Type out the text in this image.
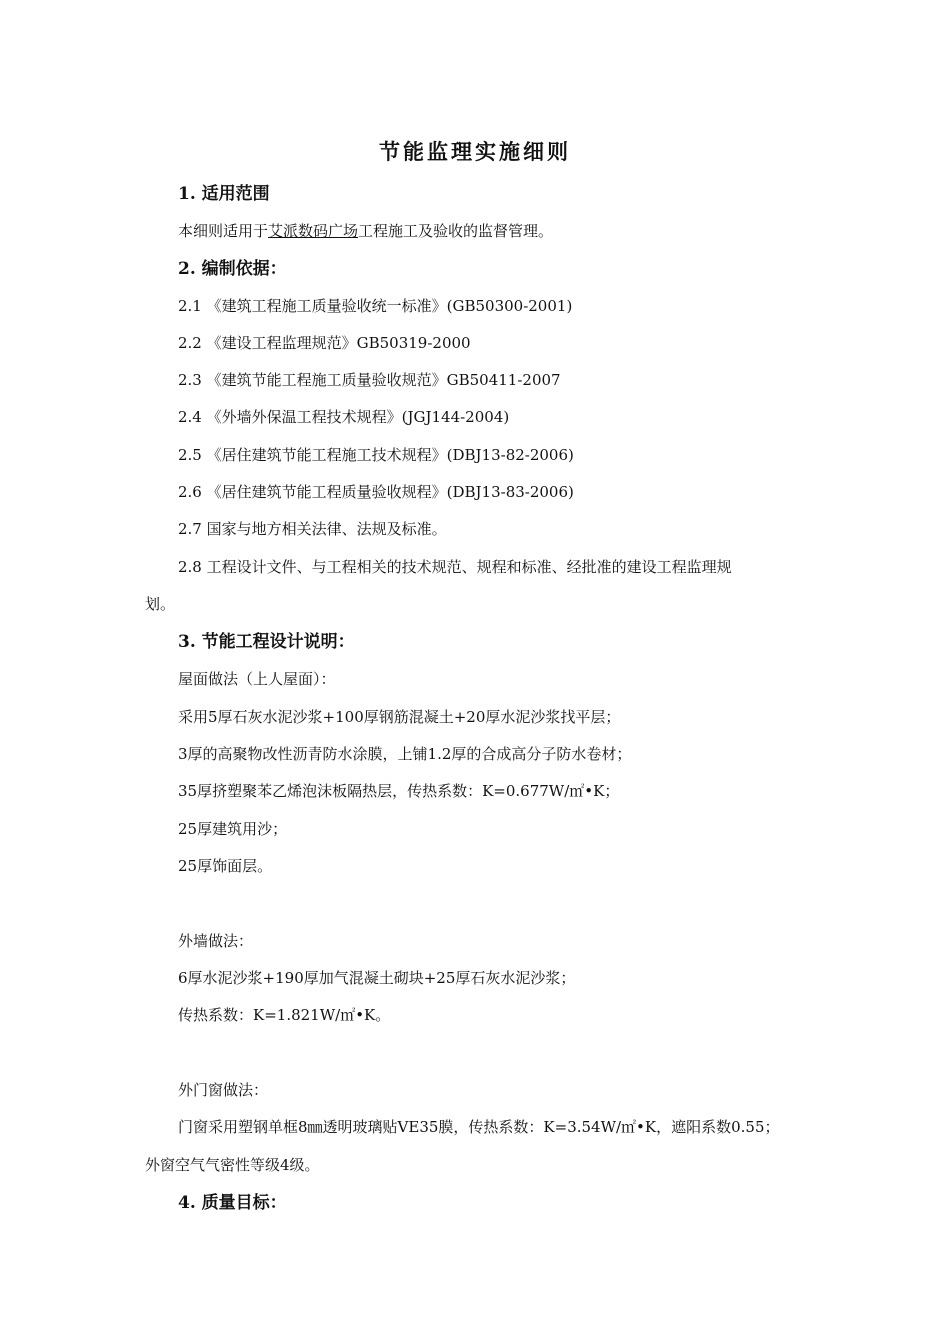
节能监理实施细则
1. 适用范围
本细则适用于艾派数码广场工程施工及验收的监督管理。
2. 编制依据：
2.1 《建筑工程施工质量验收统一标准》(GB50300-2001)
2.2 《建设工程监理规范》GB50319-2000
2.3 《建筑节能工程施工质量验收规范》GB50411-2007
2.4 《外墙外保温工程技术规程》(JGJ144-2004)
2.5 《居住建筑节能工程施工技术规程》(DBJ13-82-2006)
2.6 《居住建筑节能工程质量验收规程》(DBJ13-83-2006)
2.7 国家与地方相关法律、法规及标准。
2.8 工程设计文件、与工程相关的技术规范、规程和标准、经批准的建设工程监理规
划。
3. 节能工程设计说明：
屋面做法（上人屋面）：
采用5厚石灰水泥沙浆+100厚钢筋混凝土+20厚水泥沙浆找平层；
3厚的高聚物改性沥青防水涂膜，上铺1.2厚的合成高分子防水卷材；
35厚挤塑聚苯乙烯泡沫板隔热层，传热系数：K=0.677W/㎡•K；
25厚建筑用沙；
25厚饰面层。
外墙做法：
6厚水泥沙浆+190厚加气混凝土砌块+25厚石灰水泥沙浆；
传热系数：K=1.821W/㎡•K。
外门窗做法：
门窗采用塑钢单框8㎜透明玻璃贴VE35膜，传热系数：K=3.54W/㎡•K，遮阳系数0.55；
外窗空气气密性等级4级。
4. 质量目标：
